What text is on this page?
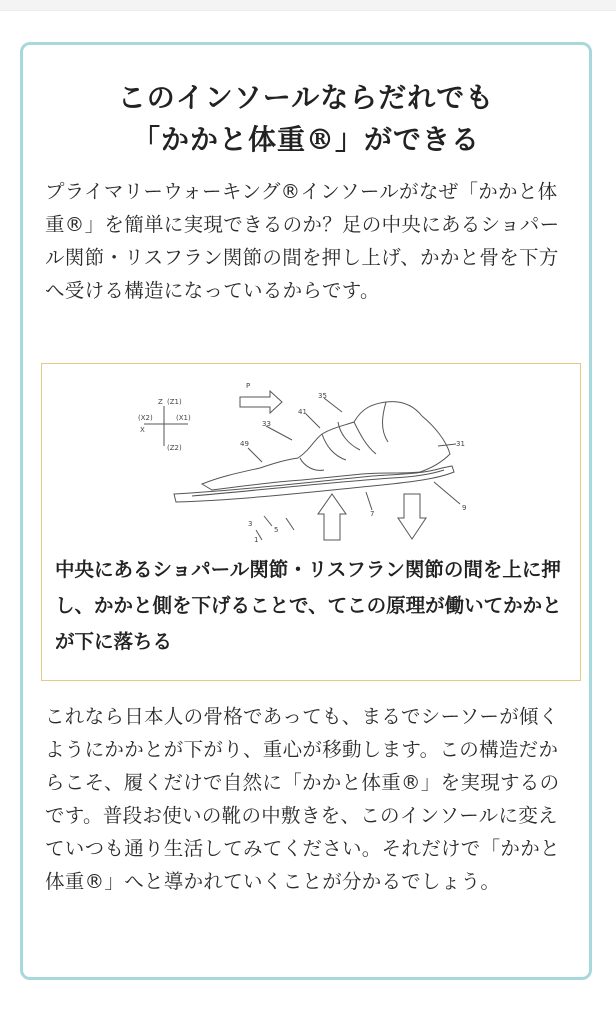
このインソールならだれでも
「かかと体重®」ができる

プライマリーウォーキング®インソールがなぜ「かかと体重®」を簡単に実現できるのか？足の中央にあるショパール関節・リスフラン関節の間を押し上げ、かかと骨を下方へ受ける構造になっているからです。

P
Z (Z1)
(Z2)
(X2)	(X1)
X
35
41
33
49	31
7
9
3
5
1

中央にあるショパール関節・リスフラン関節の間を上に押し、かかと側を下げることで、てこの原理が働いてかかとが下に落ちる

これなら日本人の骨格であっても、まるでシーソーが傾くようにかかとが下がり、重心が移動します。この構造だからこそ、履くだけで自然に「かかと体重®」を実現するのです。普段お使いの靴の中敷きを、このインソールに変えていつも通り生活してみてください。それだけで「かかと体重®」へと導かれていくことが分かるでしょう。
